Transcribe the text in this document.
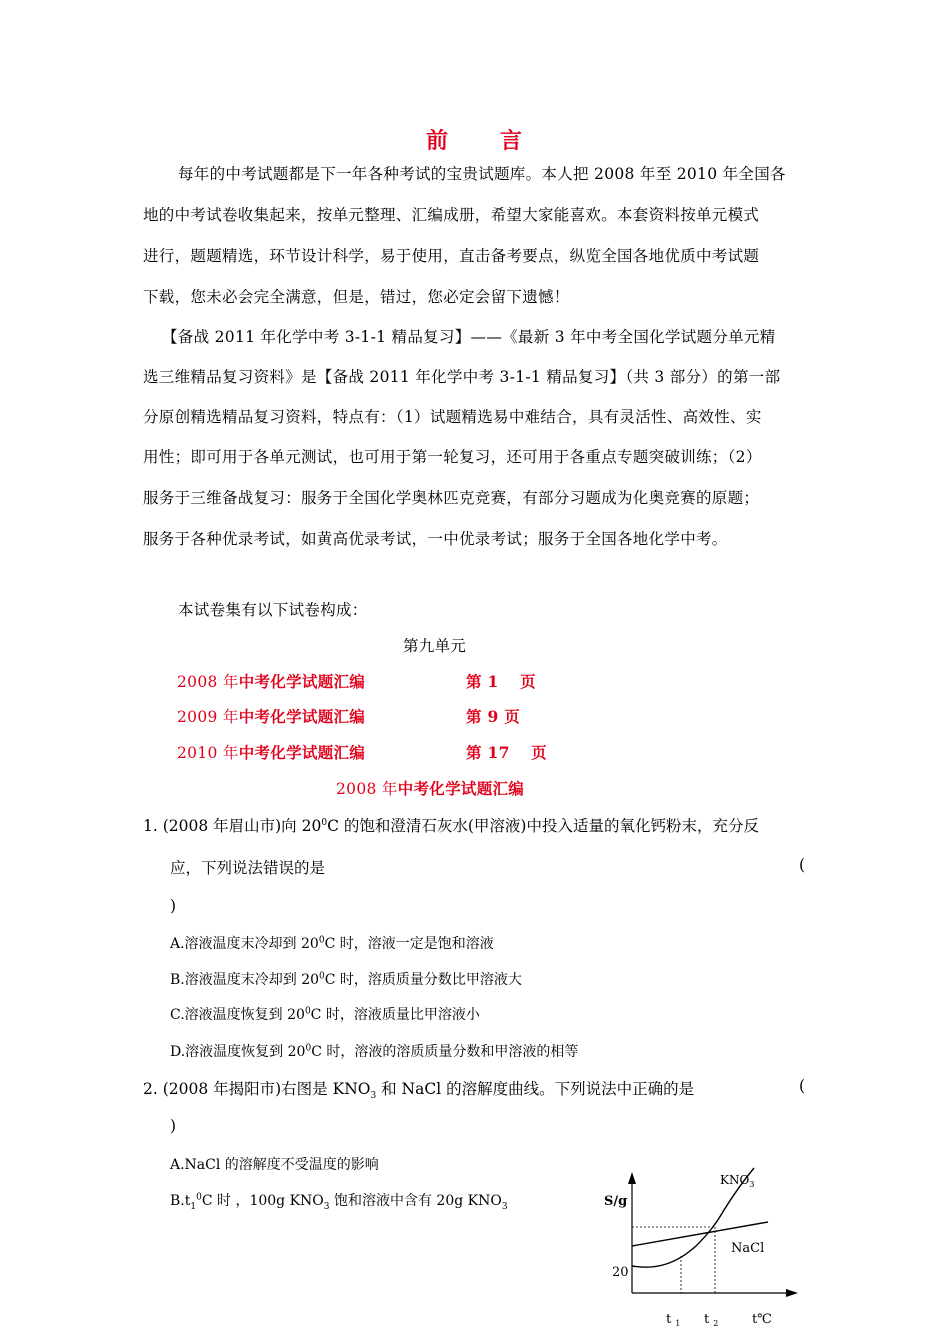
前 言
每年的中考试题都是下一年各种考试的宝贵试题库。本人把 2008 年至 2010 年全国各
地的中考试卷收集起来，按单元整理、汇编成册，希望大家能喜欢。本套资料按单元模式
进行，题题精选，环节设计科学，易于使用，直击备考要点，纵览全国各地优质中考试题
下载，您未必会完全满意，但是，错过，您必定会留下遗憾！
【备战 2011 年化学中考 3-1-1 精品复习】——《最新 3 年中考全国化学试题分单元精
选三维精品复习资料》是【备战 2011 年化学中考 3-1-1 精品复习】（共 3 部分）的第一部
分原创精选精品复习资料，特点有：（1）试题精选易中难结合，具有灵活性、高效性、实
用性；即可用于各单元测试，也可用于第一轮复习，还可用于各重点专题突破训练；（2）
服务于三维备战复习：服务于全国化学奥林匹克竞赛，有部分习题成为化奥竞赛的原题；
服务于各种优录考试，如黄高优录考试，一中优录考试；服务于全国各地化学中考。
本试卷集有以下试卷构成：
第九单元
2008 年中考化学试题汇编	第 1　 页
2009 年中考化学试题汇编	第 9 页
2010 年中考化学试题汇编	第 17　 页
2008 年中考化学试题汇编
1. (2008 年眉山市)向 $20^0C$ 的饱和澄清石灰水(甲溶液)中投入适量的氧化钙粉末，充分反
应，下列说法错误的是	(
)
A.溶液温度末冷却到 $20^0C$ 时，溶液一定是饱和溶液
B.溶液温度末冷却到 $20^0C$ 时，溶质质量分数比甲溶液大
C.溶液温度恢复到 $20^0C$ 时，溶液质量比甲溶液小
D.溶液温度恢复到 $20^0C$ 时，溶液的溶质质量分数和甲溶液的相等
2. (2008 年揭阳市)右图是 $KNO_3$ 和 NaCl 的溶解度曲线。下列说法中正确的是	(
)
A.NaCl 的溶解度不受温度的影响
$B.t_1^0C$ 时 ，100g $KNO_3$ 饱和溶液中含有 20g $KNO_3$	S/g
20
$KNO_3$
NaCl
t $_1$ t $_2$	t℃
